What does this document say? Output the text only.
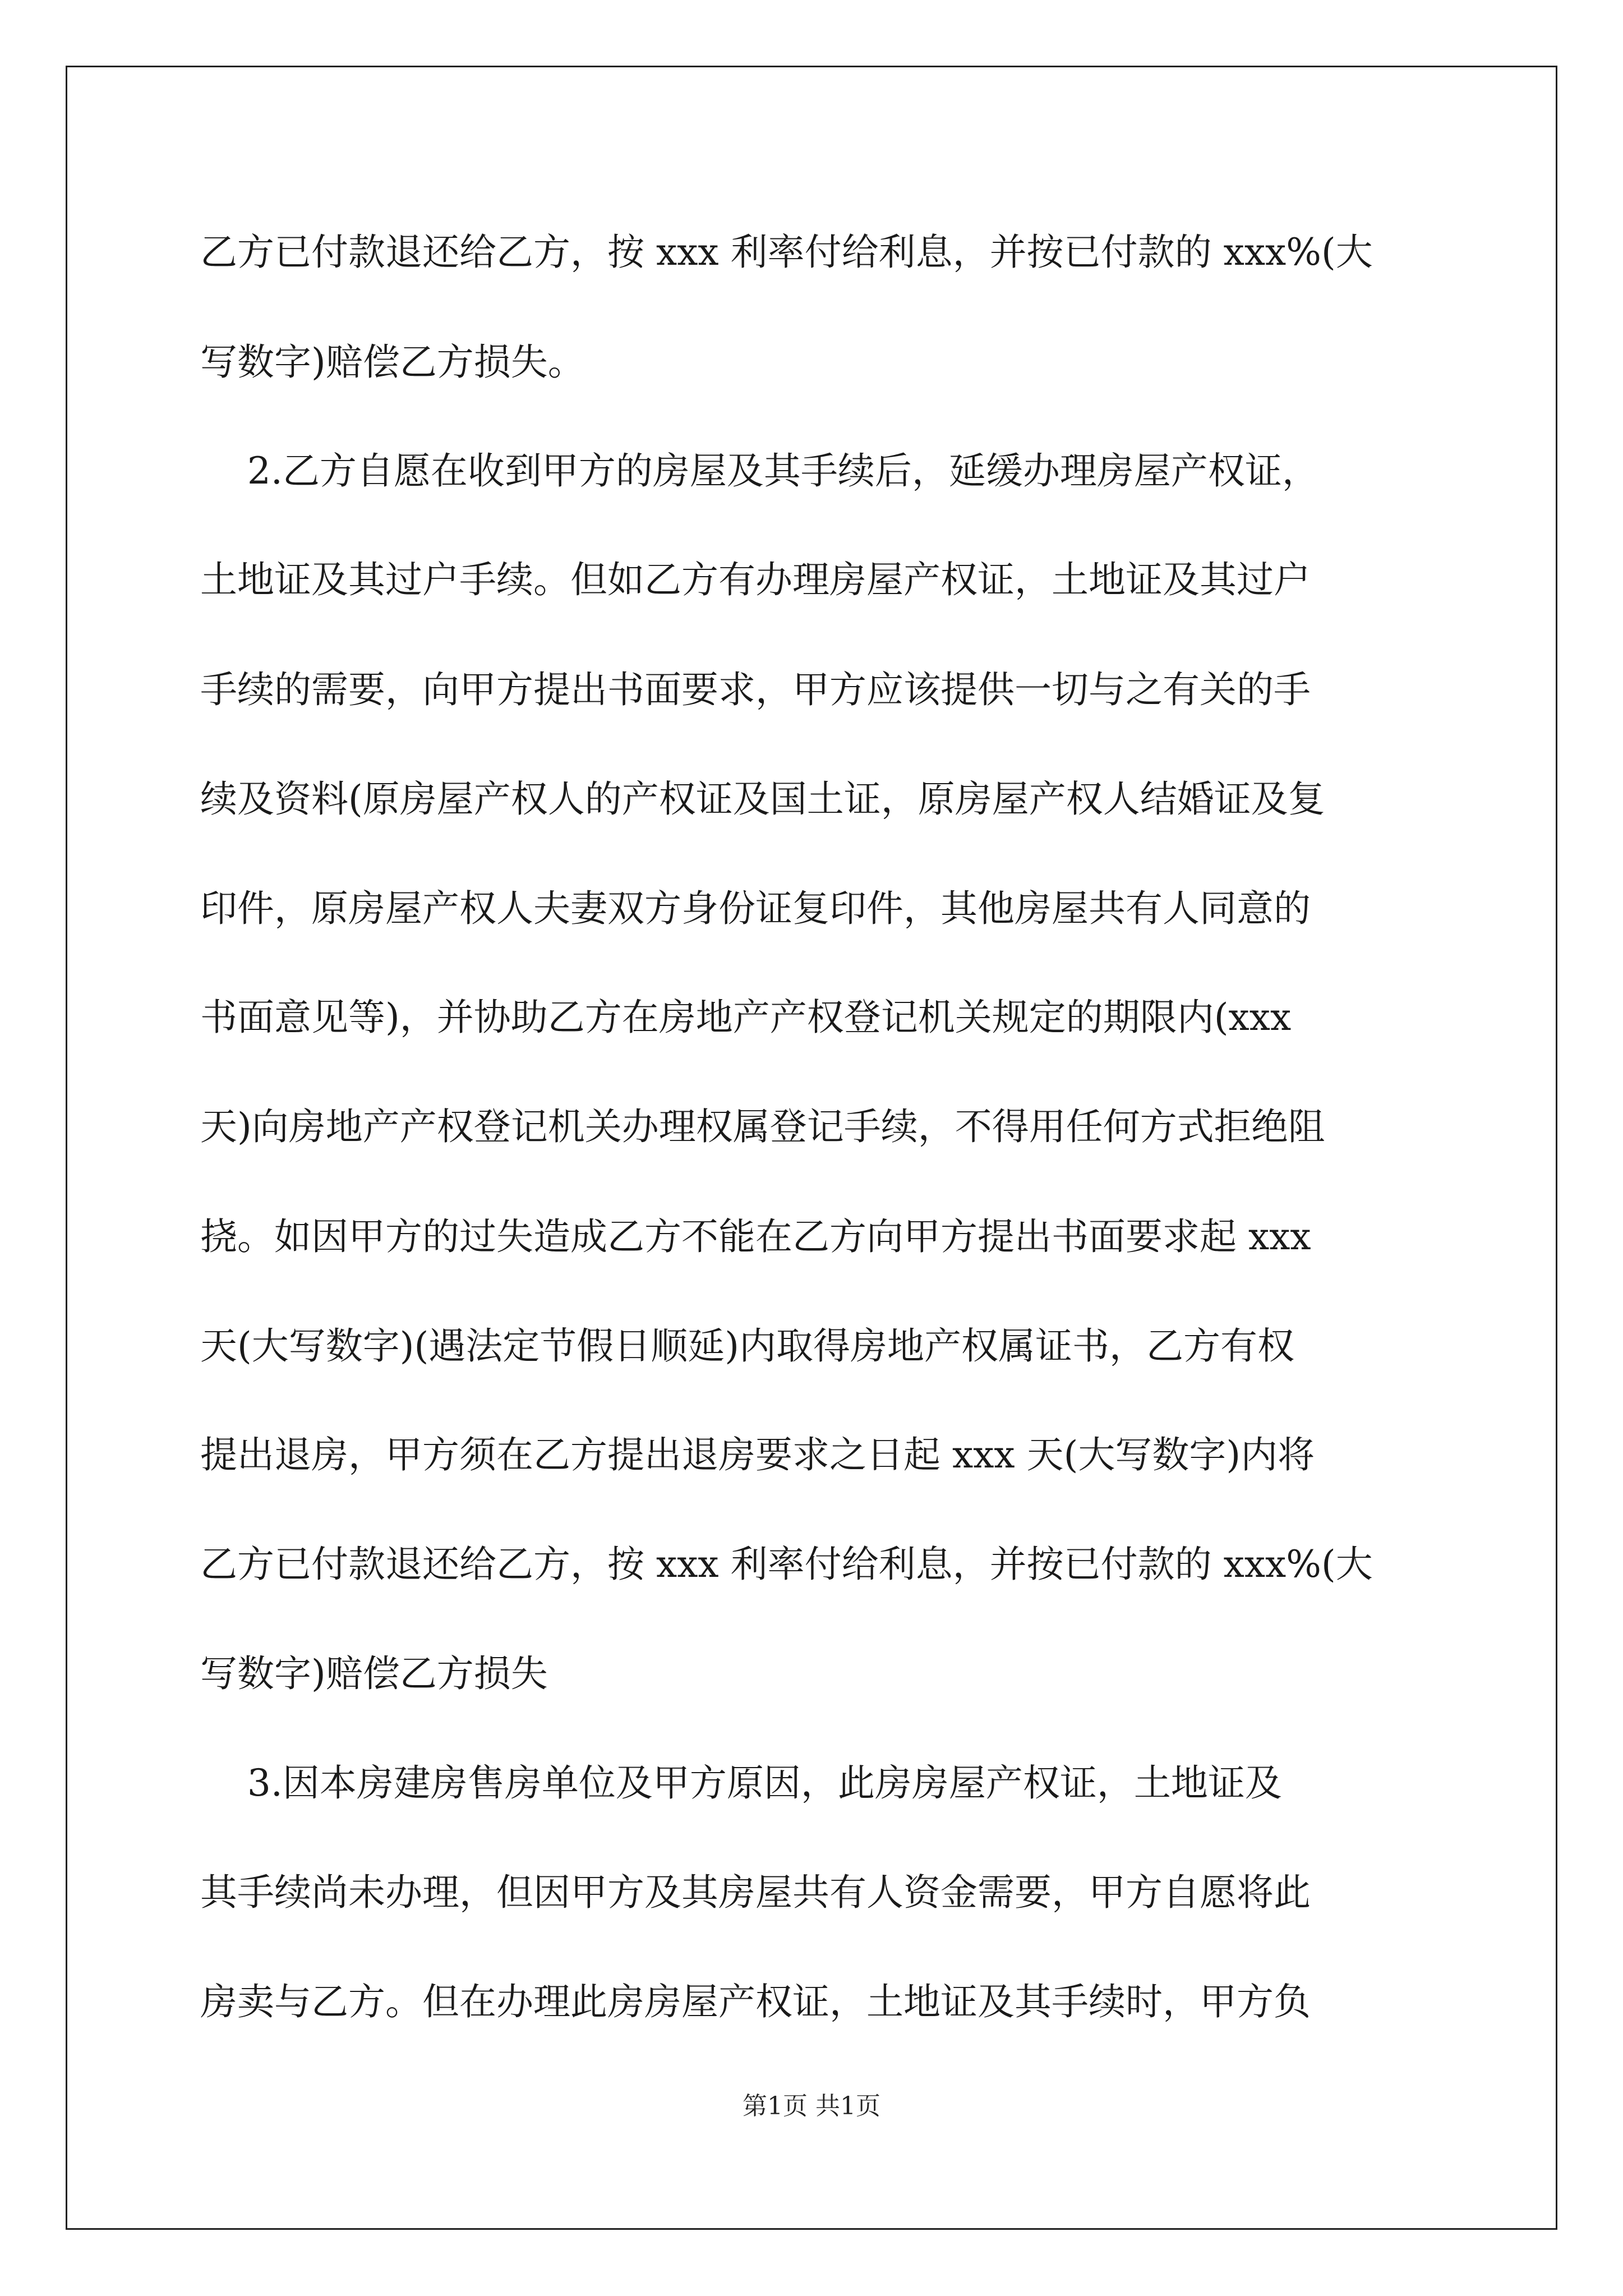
乙方已付款退还给乙方，按 xxx 利率付给利息，并按已付款的 xxx%(大
写数字)赔偿乙方损失。
2.乙方自愿在收到甲方的房屋及其手续后，延缓办理房屋产权证，
土地证及其过户手续。但如乙方有办理房屋产权证，土地证及其过户
手续的需要，向甲方提出书面要求，甲方应该提供一切与之有关的手
续及资料(原房屋产权人的产权证及国土证，原房屋产权人结婚证及复
印件，原房屋产权人夫妻双方身份证复印件，其他房屋共有人同意的
书面意见等)，并协助乙方在房地产产权登记机关规定的期限内(xxx
天)向房地产产权登记机关办理权属登记手续，不得用任何方式拒绝阻
挠。如因甲方的过失造成乙方不能在乙方向甲方提出书面要求起 xxx
天(大写数字)(遇法定节假日顺延)内取得房地产权属证书，乙方有权
提出退房，甲方须在乙方提出退房要求之日起 xxx 天(大写数字)内将
乙方已付款退还给乙方，按 xxx 利率付给利息，并按已付款的 xxx%(大
写数字)赔偿乙方损失
3.因本房建房售房单位及甲方原因，此房房屋产权证，土地证及
其手续尚未办理，但因甲方及其房屋共有人资金需要，甲方自愿将此
房卖与乙方。但在办理此房房屋产权证，土地证及其手续时，甲方负
第1页 共1页
